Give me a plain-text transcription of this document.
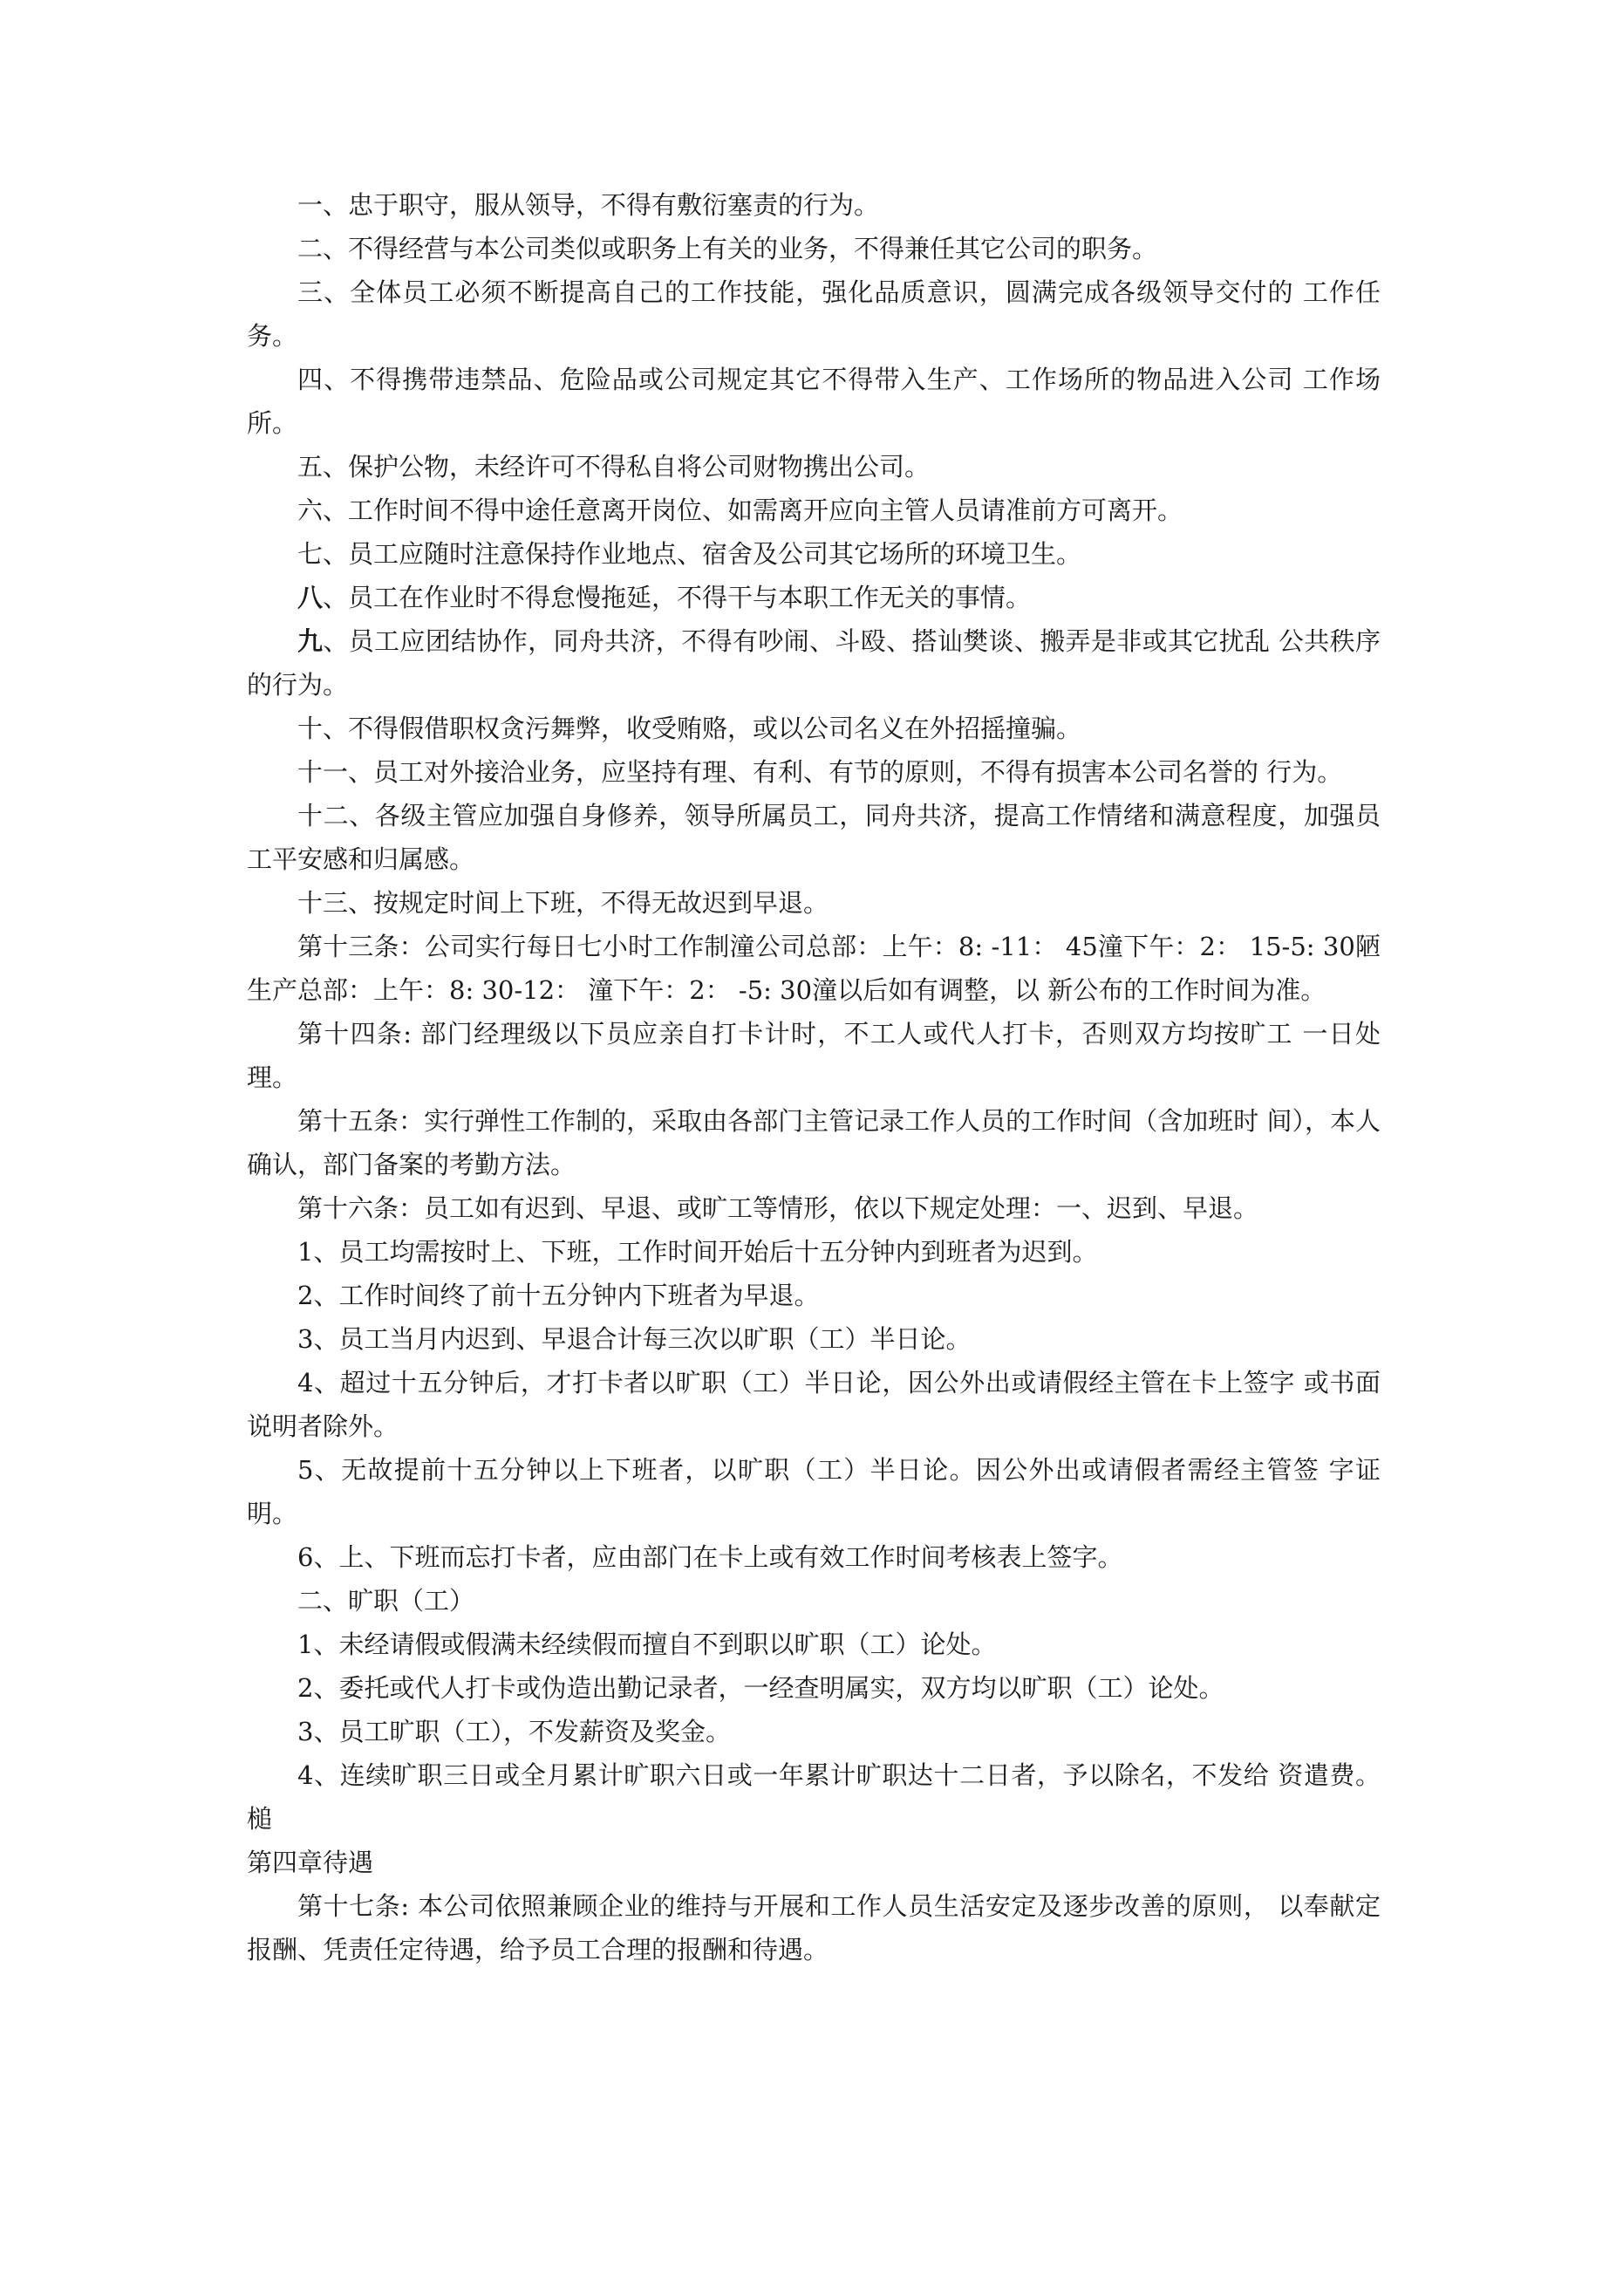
一、忠于职守，服从领导，不得有敷衍塞责的行为。

二、不得经营与本公司类似或职务上有关的业务，不得兼任其它公司的职务。

三、全体员工必须不断提高自己的工作技能，强化品质意识，圆满完成各级领导交付的 工作任务。

四、不得携带违禁品、危险品或公司规定其它不得带入生产、工作场所的物品进入公司 工作场所。

五、保护公物，未经许可不得私自将公司财物携出公司。

六、工作时间不得中途任意离开岗位、如需离开应向主管人员请准前方可离开。

七、员工应随时注意保持作业地点、宿舍及公司其它场所的环境卫生。

八、员工在作业时不得怠慢拖延，不得干与本职工作无关的事情。

九、员工应团结协作，同舟共济，不得有吵闹、斗殴、搭讪樊谈、搬弄是非或其它扰乱 公共秩序的行为。

十、不得假借职权贪污舞弊，收受贿赂，或以公司名义在外招摇撞骗。

十一、员工对外接洽业务，应坚持有理、有利、有节的原则，不得有损害本公司名誉的 行为。

十二、各级主管应加强自身修养，领导所属员工，同舟共济，提高工作情绪和满意程度，加强员工平安感和归属感。

十三、按规定时间上下班，不得无故迟到早退。

第十三条：公司实行每日七小时工作制潼公司总部：上午：8: -11： 45潼下午：2： 15-5: 30陋生产总部：上午：8: 30-12： 潼下午：2： -5: 30潼以后如有调整，以 新公布的工作时间为准。

第十四条: 部门经理级以下员应亲自打卡计时，不工人或代人打卡，否则双方均按旷工 一日处理。

第十五条：实行弹性工作制的，采取由各部门主管记录工作人员的工作时间（含加班时 间），本人确认，部门备案的考勤方法。

第十六条：员工如有迟到、早退、或旷工等情形，依以下规定处理：一、迟到、早退。

1、员工均需按时上、下班，工作时间开始后十五分钟内到班者为迟到。

2、工作时间终了前十五分钟内下班者为早退。

3、员工当月内迟到、早退合计每三次以旷职（工）半日论。

4、超过十五分钟后，才打卡者以旷职（工）半日论，因公外出或请假经主管在卡上签字 或书面说明者除外。

5、无故提前十五分钟以上下班者，以旷职（工）半日论。因公外出或请假者需经主管签 字证明。

6、上、下班而忘打卡者，应由部门在卡上或有效工作时间考核表上签字。

二、旷职（工）

1、未经请假或假满未经续假而擅自不到职以旷职（工）论处。

2、委托或代人打卡或伪造出勤记录者，一经查明属实，双方均以旷职（工）论处。

3、员工旷职（工），不发薪资及奖金。

4、连续旷职三日或全月累计旷职六日或一年累计旷职达十二日者，予以除名，不发给 资遣费。槌

第四章待遇

第十七条: 本公司依照兼顾企业的维持与开展和工作人员生活安定及逐步改善的原则， 以奉献定报酬、凭责任定待遇，给予员工合理的报酬和待遇。
